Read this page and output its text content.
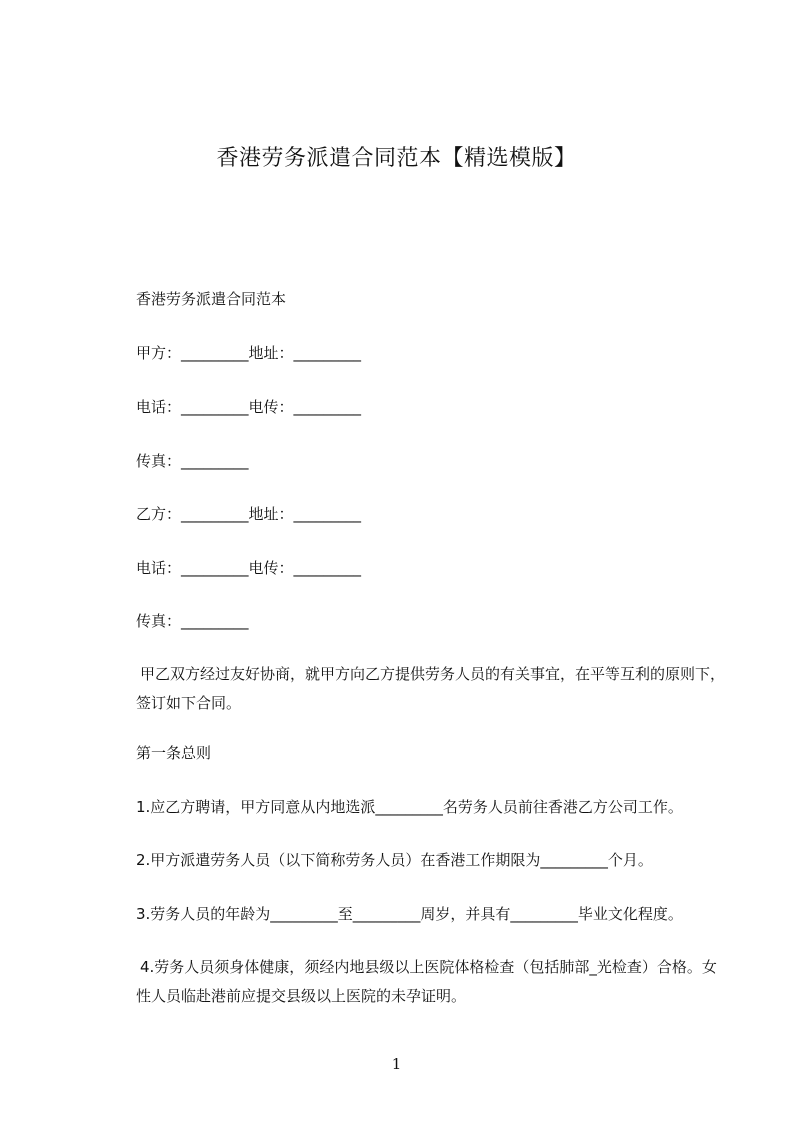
香港劳务派遣合同范本【精选模版】

香港劳务派遣合同范本

甲方：_________地址：_________

电话：_________电传：_________

传真：_________

乙方：_________地址：_________

电话：_________电传：_________

传真：_________

甲乙双方经过友好协商，就甲方向乙方提供劳务人员的有关事宜，在平等互利的原则下，签订如下合同。

第一条总则

1.应乙方聘请，甲方同意从内地选派_________名劳务人员前往香港乙方公司工作。

2.甲方派遣劳务人员（以下简称劳务人员）在香港工作期限为_________个月。

3.劳务人员的年龄为_________至_________周岁，并具有_________毕业文化程度。

4.劳务人员须身体健康，须经内地县级以上医院体格检查（包括肺部_光检查）合格。女性人员临赴港前应提交县级以上医院的未孕证明。

1
